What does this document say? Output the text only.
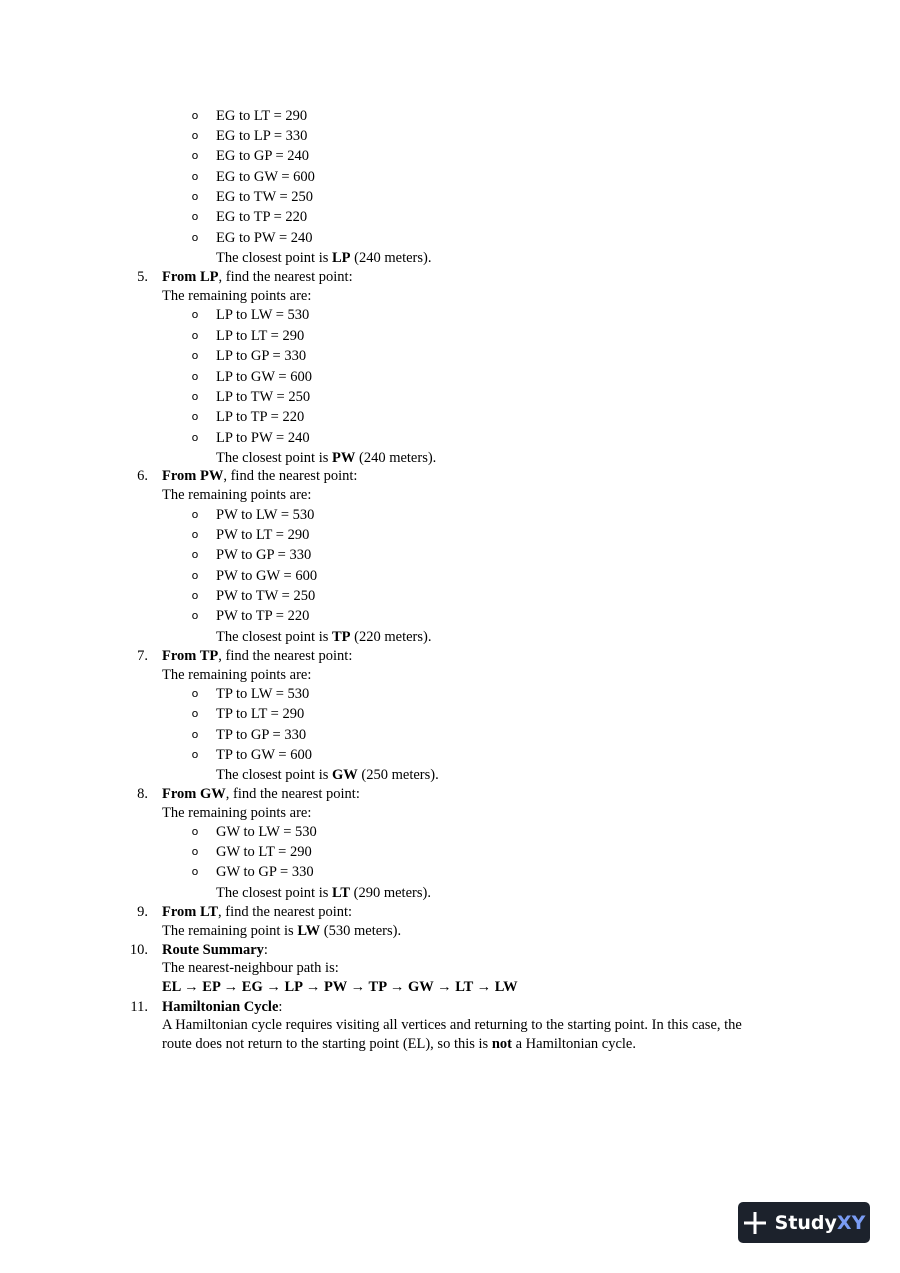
o EG to LT = 290
o EG to LP = 330
o EG to GP = 240
o EG to GW = 600
o EG to TW = 250
o EG to TP = 220
o EG to PW = 240
The closest point is LP (240 meters).
5. From LP, find the nearest point:
The remaining points are:
o LP to LW = 530
o LP to LT = 290
o LP to GP = 330
o LP to GW = 600
o LP to TW = 250
o LP to TP = 220
o LP to PW = 240
The closest point is PW (240 meters).
6. From PW, find the nearest point:
The remaining points are:
o PW to LW = 530
o PW to LT = 290
o PW to GP = 330
o PW to GW = 600
o PW to TW = 250
o PW to TP = 220
The closest point is TP (220 meters).
7. From TP, find the nearest point:
The remaining points are:
o TP to LW = 530
o TP to LT = 290
o TP to GP = 330
o TP to GW = 600
The closest point is GW (250 meters).
8. From GW, find the nearest point:
The remaining points are:
o GW to LW = 530
o GW to LT = 290
o GW to GP = 330
The closest point is LT (290 meters).
9. From LT, find the nearest point:
The remaining point is LW (530 meters).
10. Route Summary:
The nearest-neighbour path is:
EL → EP → EG → LP → PW → TP → GW → LT → LW
11. Hamiltonian Cycle:
A Hamiltonian cycle requires visiting all vertices and returning to the starting point. In this case, the
route does not return to the starting point (EL), so this is not a Hamiltonian cycle.
Study XY
